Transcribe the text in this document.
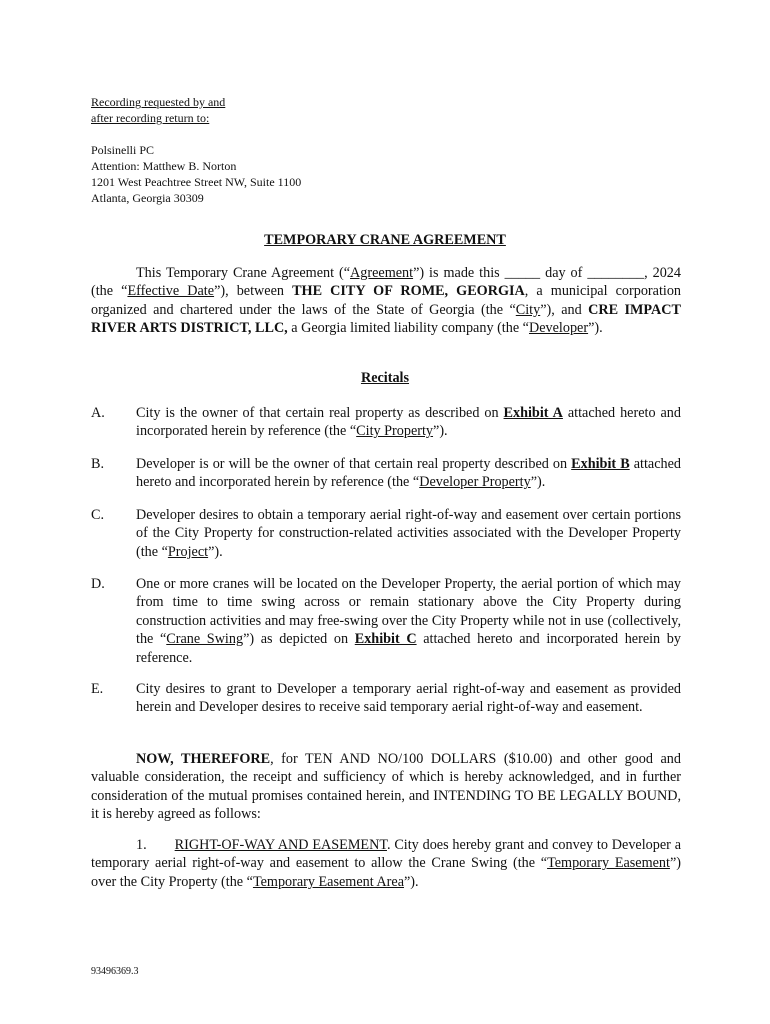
Recording requested by and
after recording return to:
Polsinelli PC
Attention: Matthew B. Norton
1201 West Peachtree Street NW, Suite 1100
Atlanta, Georgia 30309
TEMPORARY CRANE AGREEMENT
This Temporary Crane Agreement (“Agreement”) is made this _____ day of ________, 2024 (the “Effective Date”), between THE CITY OF ROME, GEORGIA, a municipal corporation organized and chartered under the laws of the State of Georgia (the “City”), and CRE IMPACT RIVER ARTS DISTRICT, LLC, a Georgia limited liability company (the “Developer”).
Recitals
A.	City is the owner of that certain real property as described on Exhibit A attached hereto and incorporated herein by reference (the “City Property”).
B.	Developer is or will be the owner of that certain real property described on Exhibit B attached hereto and incorporated herein by reference (the “Developer Property”).
C.	Developer desires to obtain a temporary aerial right-of-way and easement over certain portions of the City Property for construction-related activities associated with the Developer Property (the “Project”).
D.	One or more cranes will be located on the Developer Property, the aerial portion of which may from time to time swing across or remain stationary above the City Property during construction activities and may free-swing over the City Property while not in use (collectively, the “Crane Swing”) as depicted on Exhibit C attached hereto and incorporated herein by reference.
E.	City desires to grant to Developer a temporary aerial right-of-way and easement as provided herein and Developer desires to receive said temporary aerial right-of-way and easement.
NOW, THEREFORE, for TEN AND NO/100 DOLLARS ($10.00) and other good and valuable consideration, the receipt and sufficiency of which is hereby acknowledged, and in further consideration of the mutual promises contained herein, and INTENDING TO BE LEGALLY BOUND, it is hereby agreed as follows:
1. RIGHT-OF-WAY AND EASEMENT. City does hereby grant and convey to Developer a temporary aerial right-of-way and easement to allow the Crane Swing (the “Temporary Easement”) over the City Property (the “Temporary Easement Area”).
93496369.3
